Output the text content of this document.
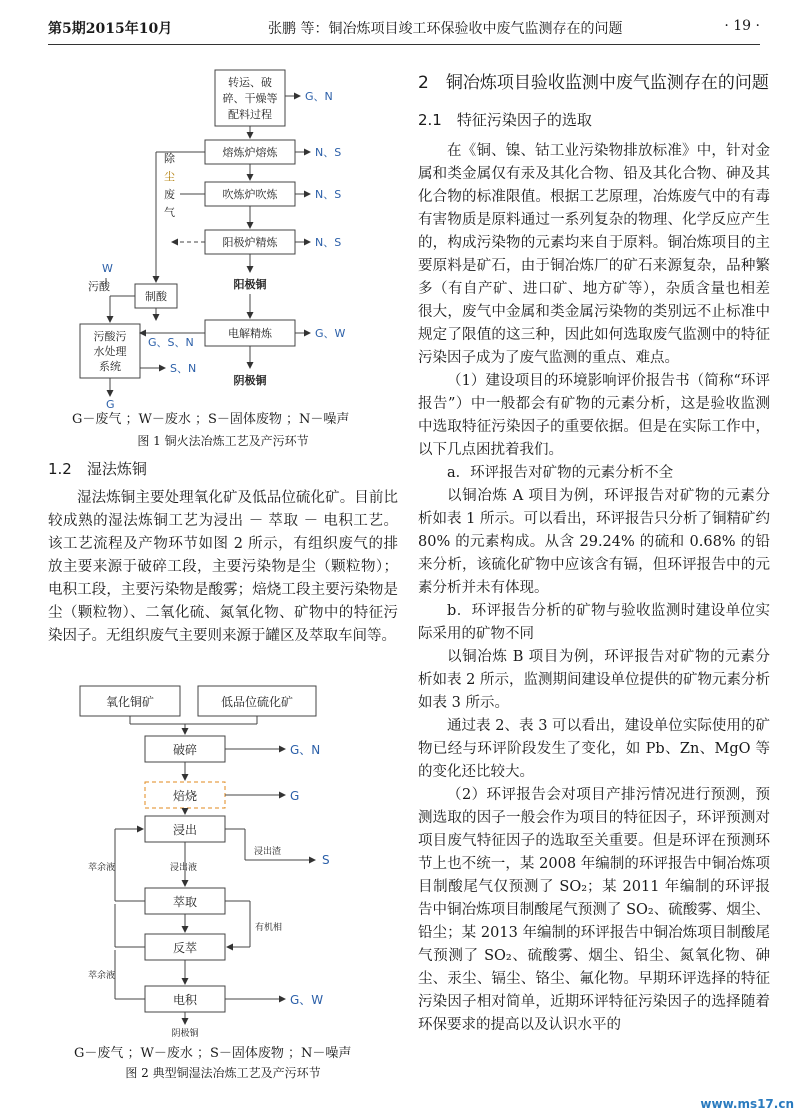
第5期2015年10月	张鹏 等：铜冶炼项目竣工环保验收中废气监测存在的问题	· 19 ·
转运、破
碎、干燥等
配料过程
熔炼炉熔炼
吹炼炉吹炼
阳极炉精炼
阳极铜
电解精炼
阴极铜
制酸
污酸污
水处理
系统
G、N
N、S
N、S
N、S
G、W
G、S、N
S、N
W
G
污酸
除
尘
废
气
G－废气 ；W－废水 ；S－固体废物 ；N－噪声
图 1 铜火法冶炼工艺及产污环节

1.2　湿法炼铜

湿法炼铜主要处理氧化矿及低品位硫化矿。目前比较成熟的湿法炼铜工艺为浸出 － 萃取 － 电积工艺。该工艺流程及产物环节如图 2 所示，有组织废气的排放主要来源于破碎工段，主要污染物是尘（颗粒物）；电积工段，主要污染物是酸雾；焙烧工段主要污染物是尘（颗粒物）、二氧化硫、氮氧化物、矿物中的特征污染因子。无组织废气主要则来源于罐区及萃取车间等。

氧化铜矿	低品位硫化矿
破碎
焙烧
浸出
萃取
反萃
电积
阴极铜
萃余液	浸出液
浸出渣
有机相
萃余液
G、N
G
S
G、W
G－废气 ；W－废水 ；S－固体废物 ；N－噪声
图 2 典型铜湿法冶炼工艺及产污环节

2　铜冶炼项目验收监测中废气监测存在的问题

2.1　特征污染因子的选取

在《铜、镍、钴工业污染物排放标准》中，针对金属和类金属仅有汞及其化合物、铅及其化合物、砷及其化合物的标准限值。根据工艺原理，冶炼废气中的有毒有害物质是原料通过一系列复杂的物理、化学反应产生的，构成污染物的元素均来自于原料。铜冶炼项目的主要原料是矿石，由于铜冶炼厂的矿石来源复杂，品种繁多（有自产矿、进口矿、地方矿等），杂质含量也相差很大，废气中金属和类金属污染物的类别远不止标准中规定了限值的这三种，因此如何选取废气监测中的特征污染因子成为了废气监测的重点、难点。

（1）建设项目的环境影响评价报告书（简称“环评报告”）中一般都会有矿物的元素分析，这是验收监测中选取特征污染因子的重要依据。但是在实际工作中，以下几点困扰着我们。

a．环评报告对矿物的元素分析不全

以铜冶炼 A 项目为例，环评报告对矿物的元素分析如表 1 所示。可以看出，环评报告只分析了铜精矿约 80% 的元素构成。从含 29.24% 的硫和 0.68% 的铅来分析，该硫化矿物中应该含有镉，但环评报告中的元素分析并未有体现。

b．环评报告分析的矿物与验收监测时建设单位实际采用的矿物不同

以铜冶炼 B 项目为例，环评报告对矿物的元素分析如表 2 所示，监测期间建设单位提供的矿物元素分析如表 3 所示。

通过表 2、表 3 可以看出，建设单位实际使用的矿物已经与环评阶段发生了变化，如 Pb、Zn、MgO 等的变化还比较大。

（2）环评报告会对项目产排污情况进行预测，预测选取的因子一般会作为项目的特征因子，环评预测对项目废气特征因子的选取至关重要。但是环评在预测环节上也不统一，某 2008 年编制的环评报告中铜冶炼项目制酸尾气仅预测了 SO₂；某 2011 年编制的环评报告中铜冶炼项目制酸尾气预测了 SO₂、硫酸雾、烟尘、铅尘；某 2013 年编制的环评报告中铜冶炼项目制酸尾气预测了 SO₂、硫酸雾、烟尘、铅尘、氮氧化物、砷尘、汞尘、镉尘、铬尘、氟化物。早期环评选择的特征污染因子相对简单，近期环评特征污染因子的选择随着环保要求的提高以及认识水平的

www.ms17.cn
